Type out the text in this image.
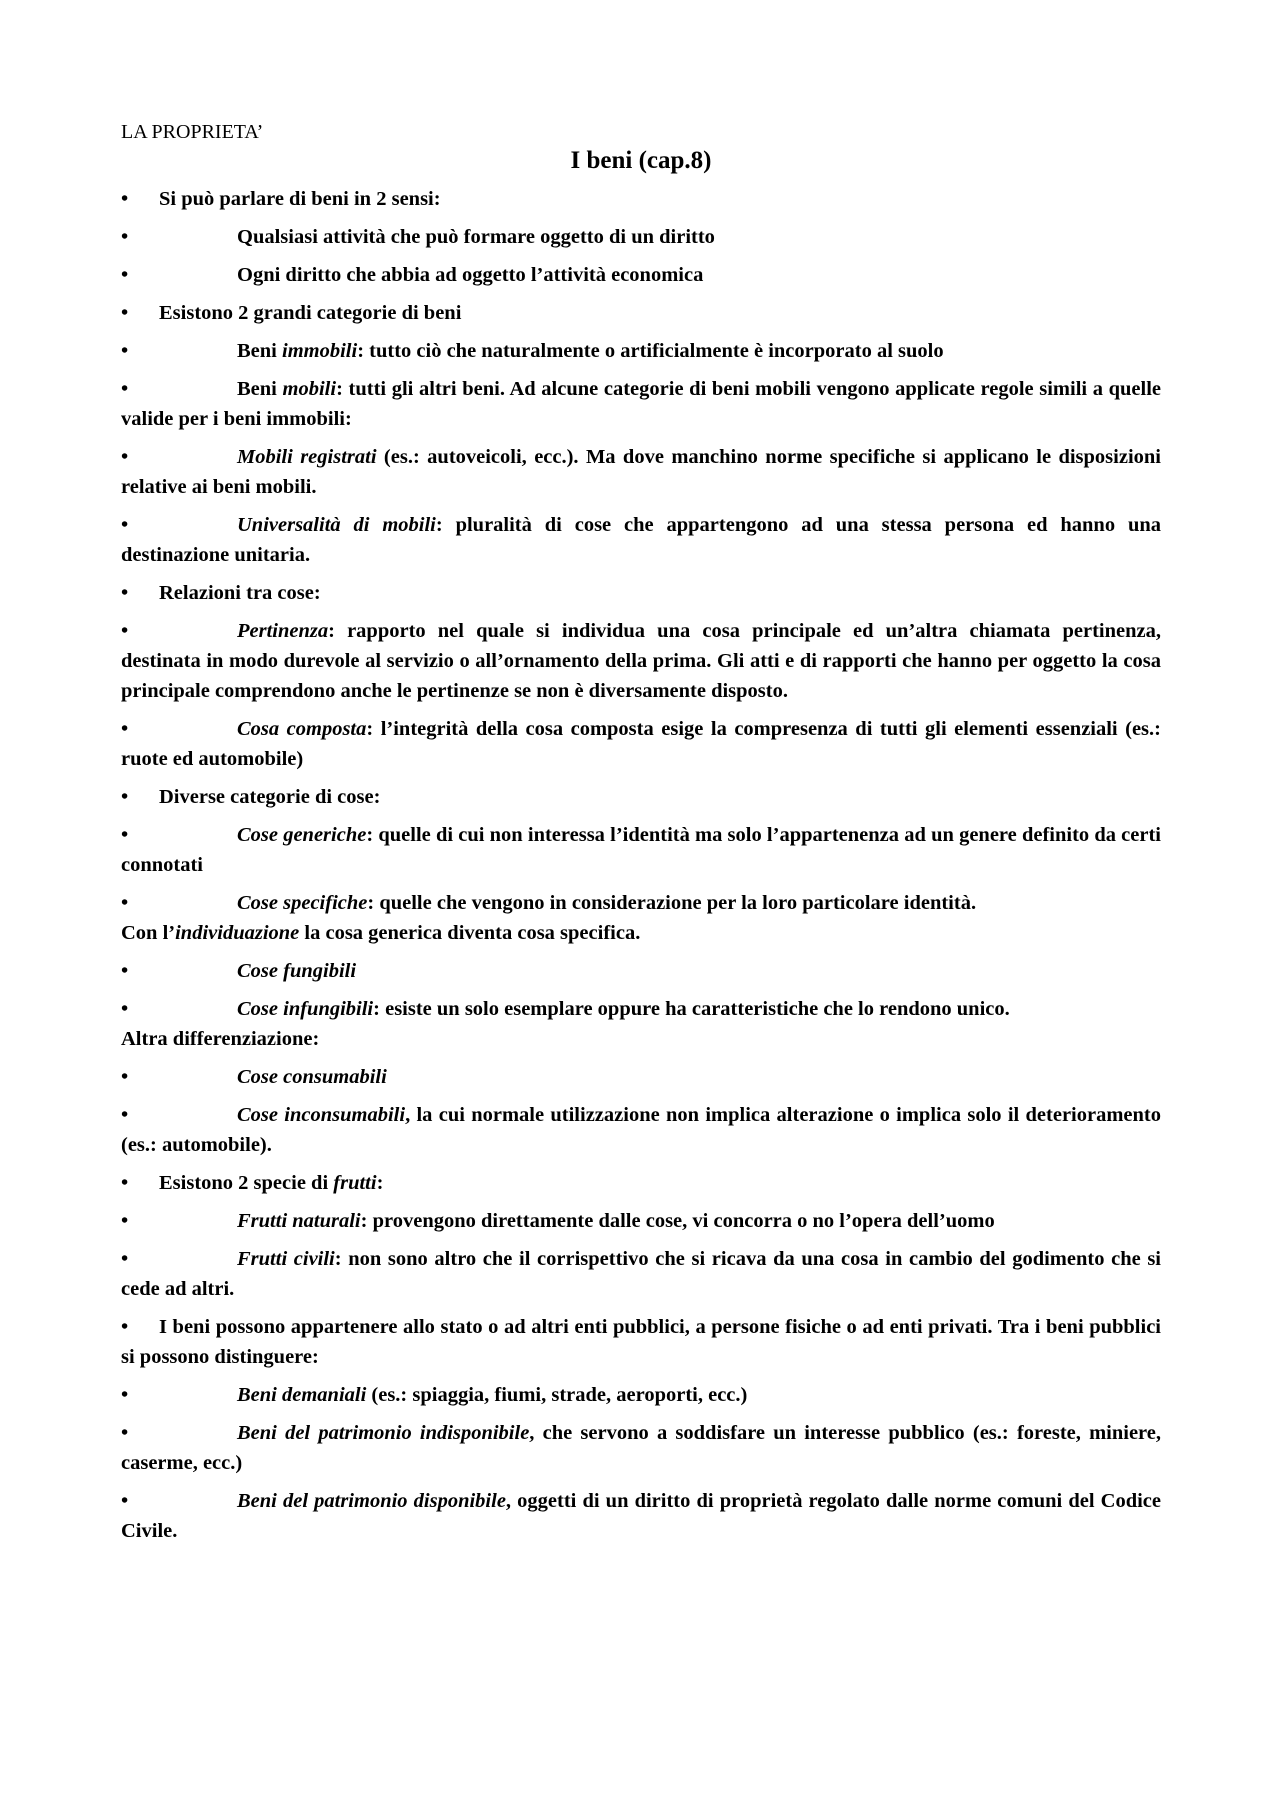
LA PROPRIETA’
I beni (cap.8)
• Si può parlare di beni in 2 sensi:
•	Qualsiasi attività che può formare oggetto di un diritto
•	Ogni diritto che abbia ad oggetto l’attività economica
• Esistono 2 grandi categorie di beni
•	Beni immobili: tutto ciò che naturalmente o artificialmente è incorporato al suolo
•	Beni mobili: tutti gli altri beni. Ad alcune categorie di beni mobili vengono applicate regole simili a quelle valide per i beni immobili:
•	Mobili registrati (es.: autoveicoli, ecc.). Ma dove manchino norme specifiche si applicano le disposizioni relative ai beni mobili.
•	Universalità di mobili: pluralità di cose che appartengono ad una stessa persona ed hanno una destinazione unitaria.
• Relazioni tra cose:
•	Pertinenza: rapporto nel quale si individua una cosa principale ed un’altra chiamata pertinenza, destinata in modo durevole al servizio o all’ornamento della prima. Gli atti e di rapporti che hanno per oggetto la cosa principale comprendono anche le pertinenze se non è diversamente disposto.
•	Cosa composta: l’integrità della cosa composta esige la compresenza di tutti gli elementi essenziali (es.: ruote ed automobile)
• Diverse categorie di cose:
•	Cose generiche: quelle di cui non interessa l’identità ma solo l’appartenenza ad un genere definito da certi connotati
•	Cose specifiche: quelle che vengono in considerazione per la loro particolare identità.
Con l’individuazione la cosa generica diventa cosa specifica.
•	Cose fungibili
•	Cose infungibili: esiste un solo esemplare oppure ha caratteristiche che lo rendono unico.
Altra differenziazione:
•	Cose consumabili
•	Cose inconsumabili, la cui normale utilizzazione non implica alterazione o implica solo il deterioramento (es.: automobile).
• Esistono 2 specie di frutti:
•	Frutti naturali: provengono direttamente dalle cose, vi concorra o no l’opera dell’uomo
•	Frutti civili: non sono altro che il corrispettivo che si ricava da una cosa in cambio del godimento che si cede ad altri.
• I beni possono appartenere allo stato o ad altri enti pubblici, a persone fisiche o ad enti privati. Tra i beni pubblici si possono distinguere:
•	Beni demaniali (es.: spiaggia, fiumi, strade, aeroporti, ecc.)
•	Beni del patrimonio indisponibile, che servono a soddisfare un interesse pubblico (es.: foreste, miniere, caserme, ecc.)
•	Beni del patrimonio disponibile, oggetti di un diritto di proprietà regolato dalle norme comuni del Codice Civile.
